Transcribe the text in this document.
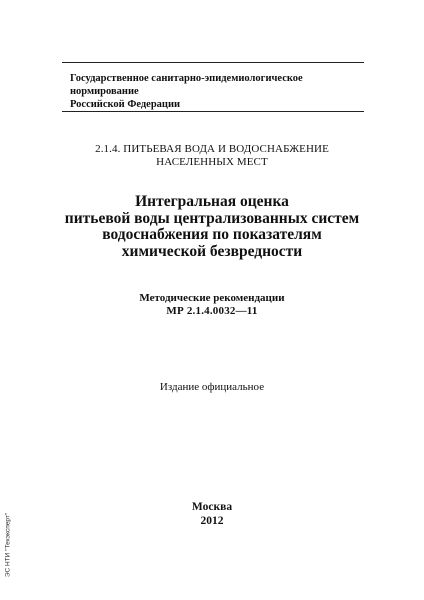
Государственное санитарно-эпидемиологическое нормирование
Российской Федерации
2.1.4. ПИТЬЕВАЯ ВОДА И ВОДОСНАБЖЕНИЕ
НАСЕЛЕННЫХ МЕСТ
Интегральная оценка
питьевой воды централизованных систем
водоснабжения по показателям
химической безвредности
Методические рекомендации
МР 2.1.4.0032—11
Издание официальное
Москва
2012
ЭС НТИ "Техэксперт"
